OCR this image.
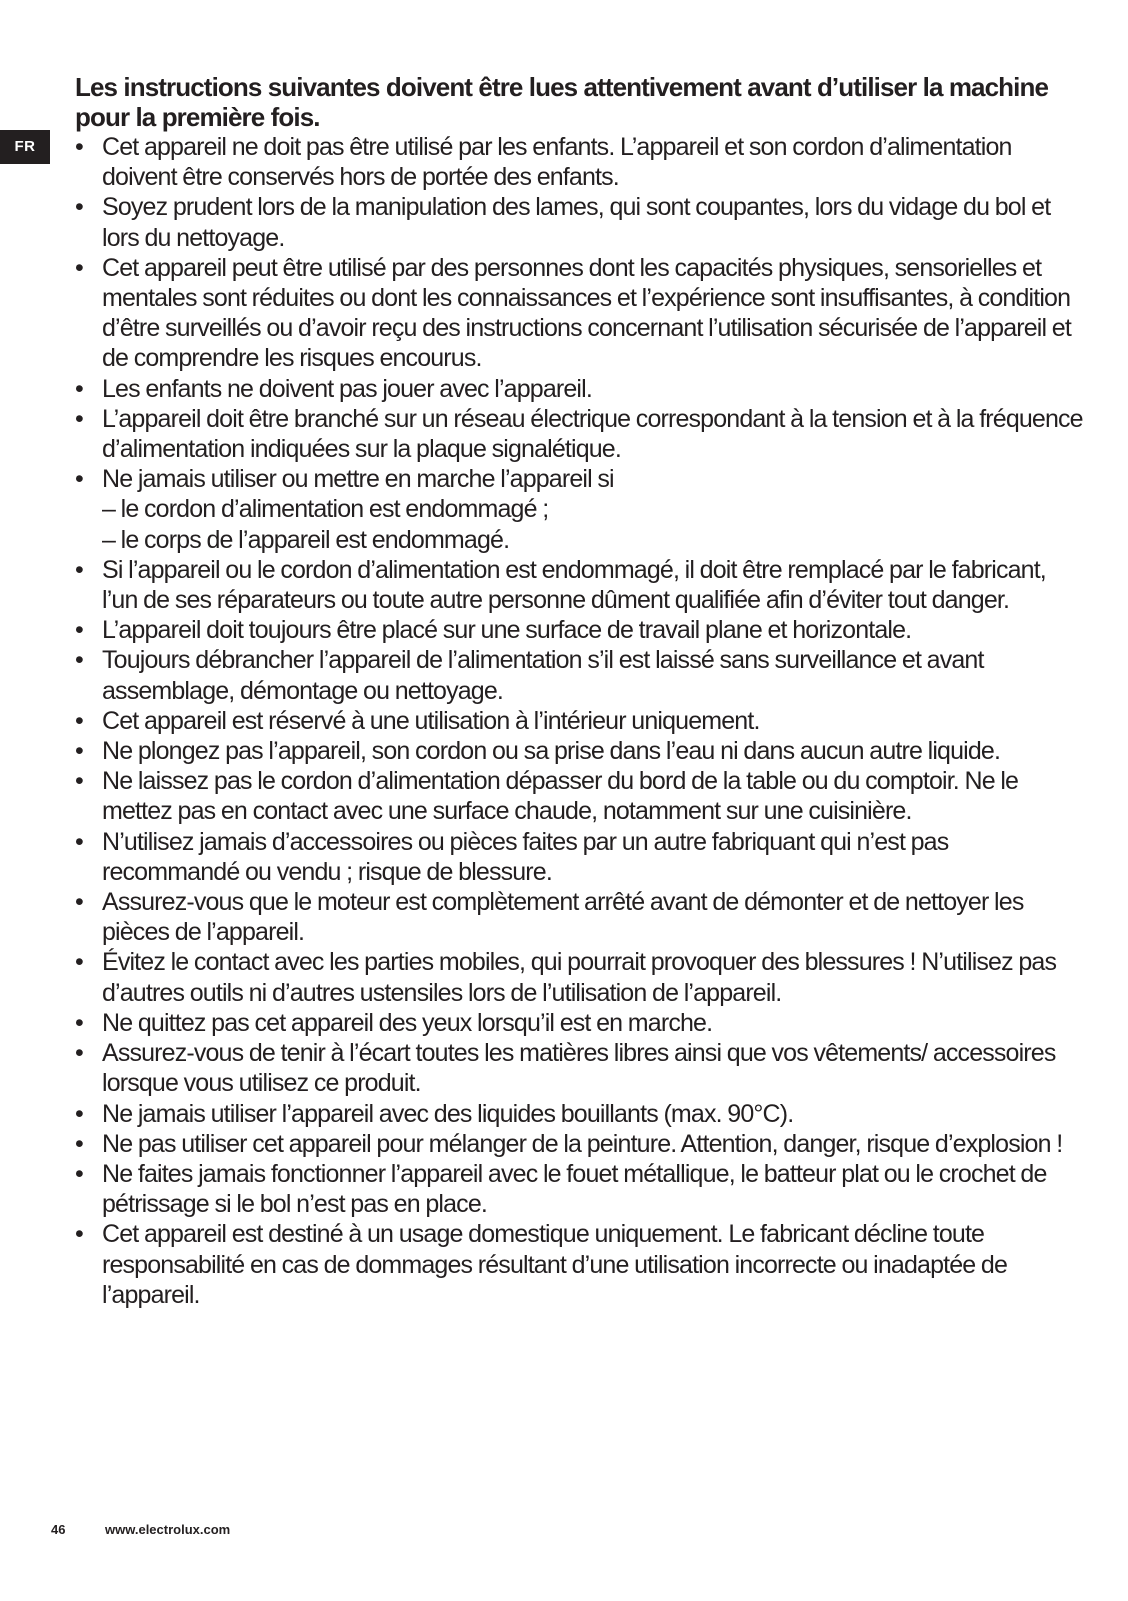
FR
Les instructions suivantes doivent être lues attentivement avant d’utiliser la machine pour la première fois.
•
Cet appareil ne doit pas être utilisé par les enfants. L’appareil et son cordon d’alimentation doivent être conservés hors de portée des enfants.
•
Soyez prudent lors de la manipulation des lames, qui sont coupantes, lors du vidage du bol et lors du nettoyage.
•
Cet appareil peut être utilisé par des personnes dont les capacités physiques, sensorielles et mentales sont réduites ou dont les connaissances et l’expérience sont insuffisantes, à condition d’être surveillés ou d’avoir reçu des instructions concernant l’utilisation sécurisée de l’appareil et de comprendre les risques encourus.
•
Les enfants ne doivent pas jouer avec l’appareil.
•
L’appareil doit être branché sur un réseau électrique correspondant à la tension et à la fréquence d’alimentation indiquées sur la plaque signalétique.
•
Ne jamais utiliser ou mettre en marche l’appareil si
– le cordon d’alimentation est endommagé ;
– le corps de l’appareil est endommagé.
•
Si l’appareil ou le cordon d’alimentation est endommagé, il doit être remplacé par le fabricant, l’un de ses réparateurs ou toute autre personne dûment qualifiée afin d’éviter tout danger.
•
L’appareil doit toujours être placé sur une surface de travail plane et horizontale.
•
Toujours débrancher l’appareil de l’alimentation s’il est laissé sans surveillance et avant assemblage, démontage ou nettoyage.
•
Cet appareil est réservé à une utilisation à l’intérieur uniquement.
•
Ne plongez pas l’appareil, son cordon ou sa prise dans l’eau ni dans aucun autre liquide.
•
Ne laissez pas le cordon d’alimentation dépasser du bord de la table ou du comptoir. Ne le mettez pas en contact avec une surface chaude, notamment sur une cuisinière.
•
N’utilisez jamais d’accessoires ou pièces faites par un autre fabriquant qui n’est pas recommandé ou vendu ; risque de blessure.
•
Assurez-vous que le moteur est complètement arrêté avant de démonter et de nettoyer les pièces de l’appareil.
•
Évitez le contact avec les parties mobiles, qui pourrait provoquer des blessures ! N’utilisez pas d’autres outils ni d’autres ustensiles lors de l’utilisation de l’appareil.
•
Ne quittez pas cet appareil des yeux lorsqu’il est en marche.
•
Assurez-vous de tenir à l’écart toutes les matières libres ainsi que vos vêtements/ accessoires lorsque vous utilisez ce produit.
•
Ne jamais utiliser l’appareil avec des liquides bouillants (max. 90°C).
•
Ne pas utiliser cet appareil pour mélanger de la peinture. Attention, danger, risque d’explosion !
•
Ne faites jamais fonctionner l’appareil avec le fouet métallique, le batteur plat ou le crochet de pétrissage si le bol n’est pas en place.
•
Cet appareil est destiné à un usage domestique uniquement. Le fabricant décline toute responsabilité en cas de dommages résultant d’une utilisation incorrecte ou inadaptée de l’appareil.
46	www.electrolux.com
